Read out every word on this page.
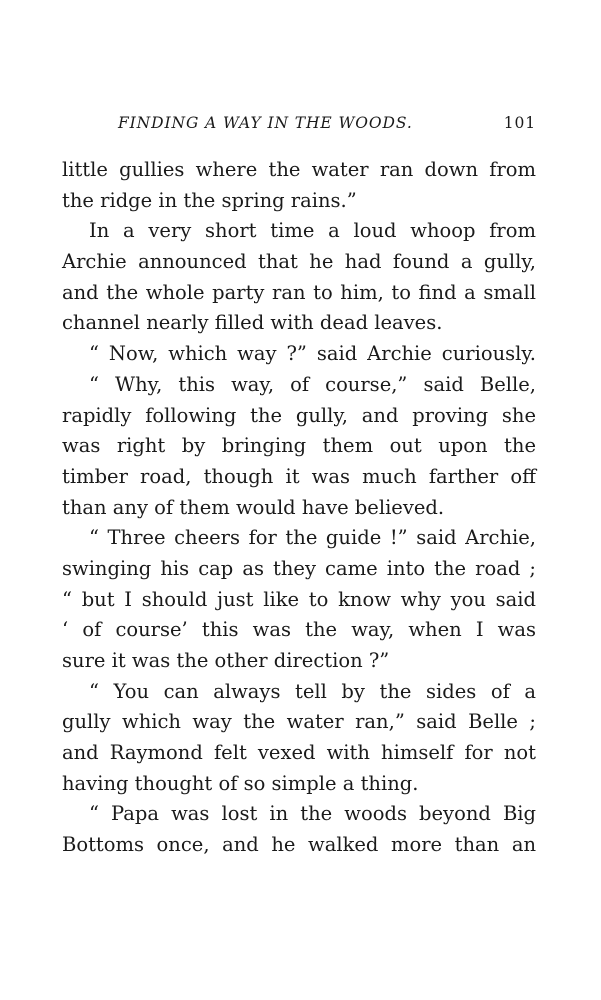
FINDING A WAY IN THE WOODS.	101
little gullies where the water ran down from
the ridge in the spring rains.”
In a very short time a loud whoop from
Archie announced that he had found a gully,
and the whole party ran to him, to find a small
channel nearly filled with dead leaves.
“ Now, which way ?” said Archie curiously.
“ Why, this way, of course,” said Belle,
rapidly following the gully, and proving she
was right by bringing them out upon the
timber road, though it was much farther off
than any of them would have believed.
“ Three cheers for the guide !” said Archie,
swinging his cap as they came into the road ;
“ but I should just like to know why you said
‘ of course’ this was the way, when I was
sure it was the other direction ?”
“ You can always tell by the sides of a
gully which way the water ran,” said Belle ;
and Raymond felt vexed with himself for not
having thought of so simple a thing.
“ Papa was lost in the woods beyond Big
Bottoms once, and he walked more than an
